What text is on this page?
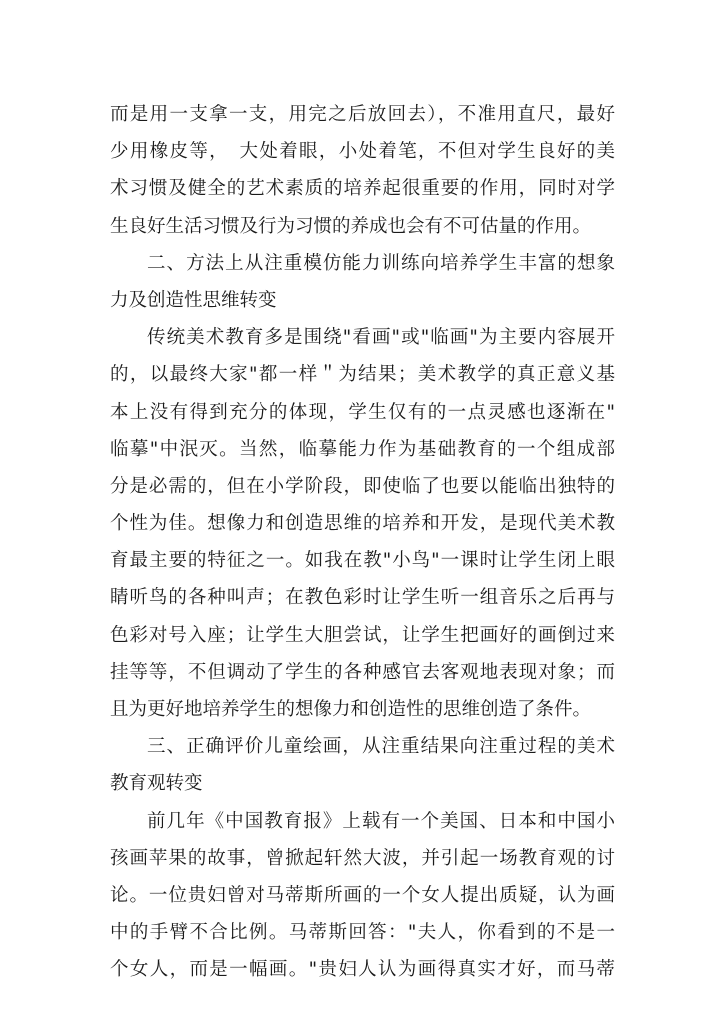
而是用一支拿一支，用完之后放回去），不准用直尺，最好
少用橡皮等，　大处着眼，小处着笔，不但对学生良好的美
术习惯及健全的艺术素质的培养起很重要的作用，同时对学
生良好生活习惯及行为习惯的养成也会有不可估量的作用。
二、方法上从注重模仿能力训练向培养学生丰富的想象
力及创造性思维转变
传统美术教育多是围绕"看画"或"临画"为主要内容展开
的，以最终大家"都一样＂为结果；美术教学的真正意义基
本上没有得到充分的体现，学生仅有的一点灵感也逐渐在"
临摹"中泯灭。当然，临摹能力作为基础教育的一个组成部
分是必需的，但在小学阶段，即使临了也要以能临出独特的
个性为佳。想像力和创造思维的培养和开发，是现代美术教
育最主要的特征之一。如我在教"小鸟"一课时让学生闭上眼
睛听鸟的各种叫声；在教色彩时让学生听一组音乐之后再与
色彩对号入座；让学生大胆尝试，让学生把画好的画倒过来
挂等等，不但调动了学生的各种感官去客观地表现对象；而
且为更好地培养学生的想像力和创造性的思维创造了条件。
三、正确评价儿童绘画，从注重结果向注重过程的美术
教育观转变
前几年《中国教育报》上载有一个美国、日本和中国小
孩画苹果的故事，曾掀起轩然大波，并引起一场教育观的讨
论。一位贵妇曾对马蒂斯所画的一个女人提出质疑，认为画
中的手臂不合比例。马蒂斯回答："夫人，你看到的不是一
个女人，而是一幅画。"贵妇人认为画得真实才好，而马蒂
